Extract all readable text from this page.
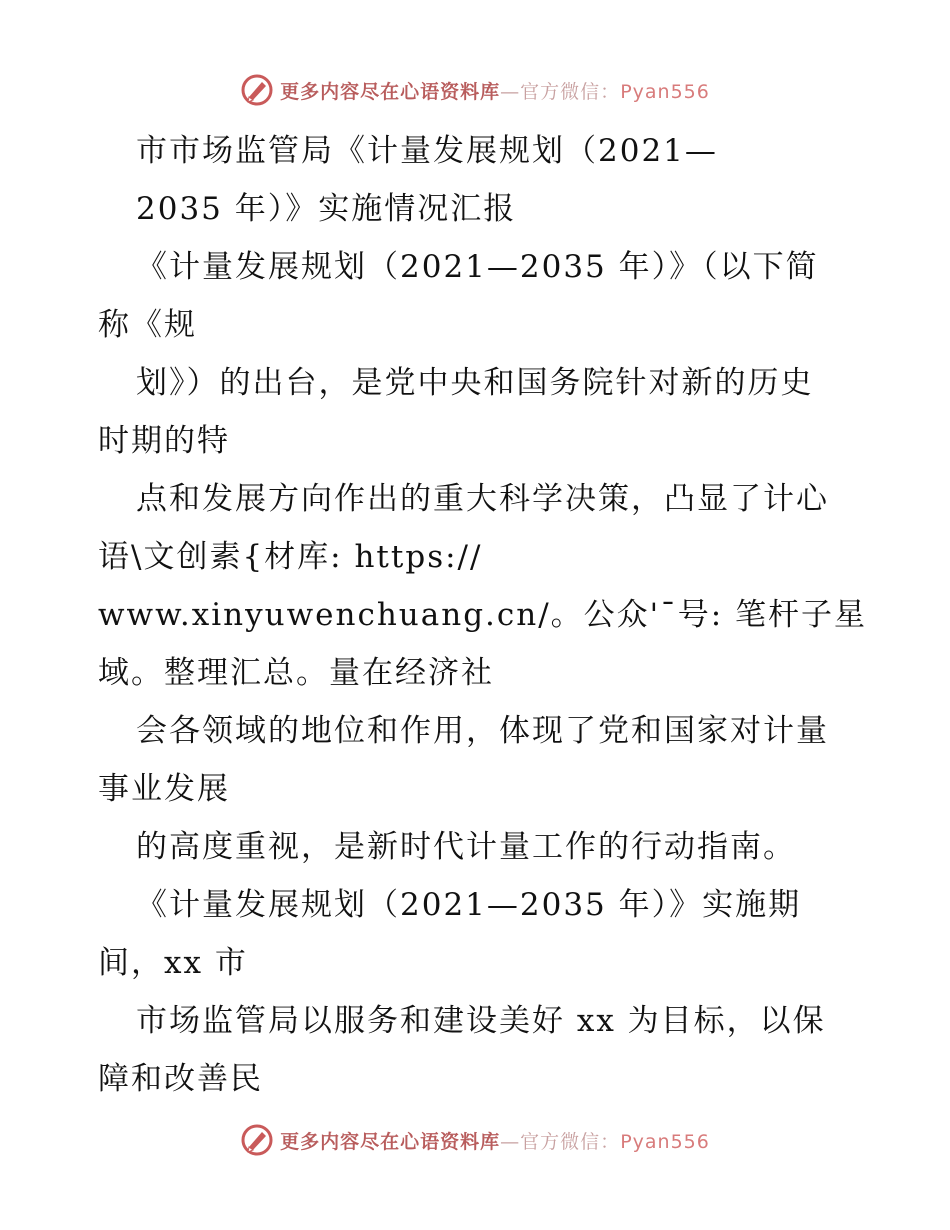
更多内容尽在心语资料库—官方微信：Pyan556
市市场监管局《计量发展规划（2021—
2035 年）》实施情况汇报
《计量发展规划（2021—2035 年）》（以下简
称《规
划》）的出台，是党中央和国务院针对新的历史
时期的特
点和发展方向作出的重大科学决策，凸显了计心
语\文创素{材库: https://
www.xinyuwenchuang.cn/。公众'¯号: 笔杆子星
域。整理汇总。量在经济社
会各领域的地位和作用，体现了党和国家对计量
事业发展
的高度重视，是新时代计量工作的行动指南。
《计量发展规划（2021—2035 年）》实施期
间，xx 市
市场监管局以服务和建设美好 xx 为目标，以保
障和改善民
更多内容尽在心语资料库—官方微信：Pyan556
